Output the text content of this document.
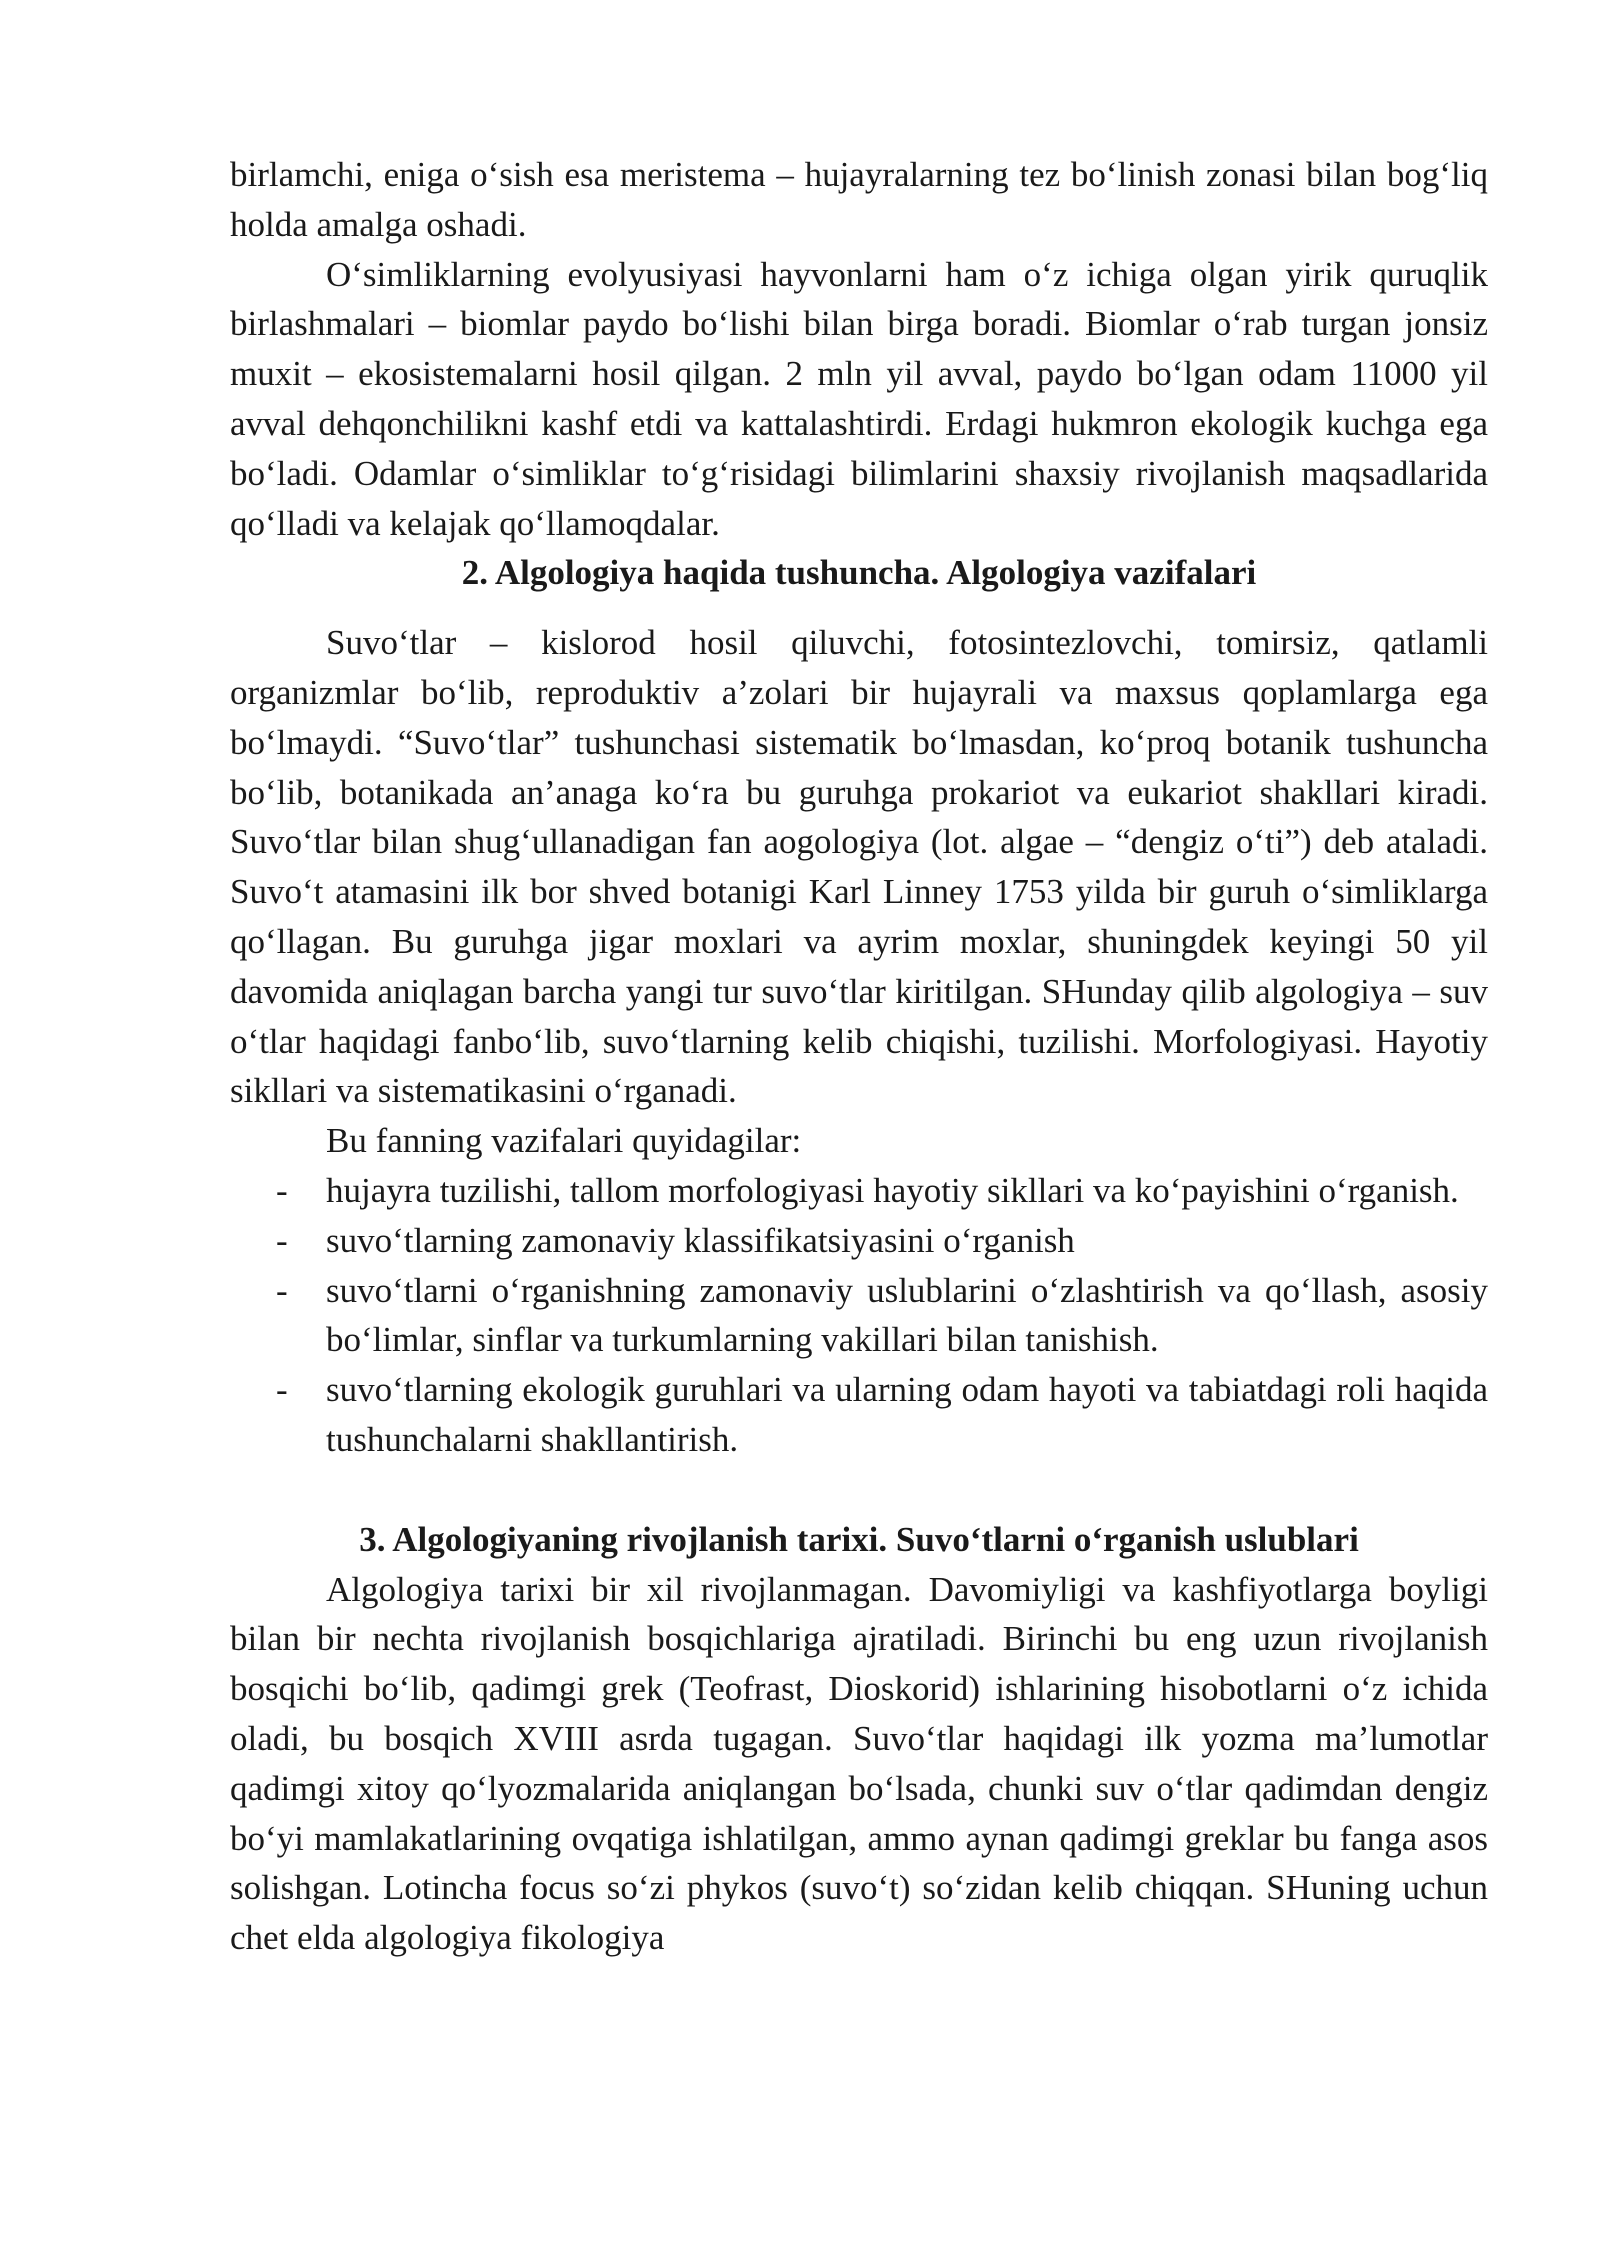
birlamchi, eniga o‘sish esa meristema – hujayralarning tez bo‘linish zonasi bilan bog‘liq holda amalga oshadi.

O‘simliklarning evolyusiyasi hayvonlarni ham o‘z ichiga olgan yirik quruqlik birlashmalari – biomlar paydo bo‘lishi bilan birga boradi. Biomlar o‘rab turgan jonsiz muxit – ekosistemalarni hosil qilgan. 2 mln yil avval, paydo bo‘lgan odam 11000 yil avval dehqonchilikni kashf etdi va kattalashtirdi. Erdagi hukmron ekologik kuchga ega bo‘ladi. Odamlar o‘simliklar to‘g‘risidagi bilimlarini shaxsiy rivojlanish maqsadlarida qo‘lladi va kelajak qo‘llamoqdalar.

2. Algologiya haqida tushuncha. Algologiya vazifalari

Suvo‘tlar – kislorod hosil qiluvchi, fotosintezlovchi, tomirsiz, qatlamli organizmlar bo‘lib, reproduktiv a’zolari bir hujayrali va maxsus qoplamlarga ega bo‘lmaydi. “Suvo‘tlar” tushunchasi sistematik bo‘lmasdan, ko‘proq botanik tushuncha bo‘lib, botanikada an’anaga ko‘ra bu guruhga prokariot va eukariot shakllari kiradi. Suvo‘tlar bilan shug‘ullanadigan fan aogologiya (lot. algae – “dengiz o‘ti”) deb ataladi. Suvo‘t atamasini ilk bor shved botanigi Karl Linney 1753 yilda bir guruh o‘simliklarga qo‘llagan. Bu guruhga jigar moxlari va ayrim moxlar, shuningdek keyingi 50 yil davomida aniqlagan barcha yangi tur suvo‘tlar kiritilgan. SHunday qilib algologiya – suv o‘tlar haqidagi fanbo‘lib, suvo‘tlarning kelib chiqishi, tuzilishi. Morfologiyasi. Hayotiy sikllari va sistematikasini o‘rganadi.

Bu fanning vazifalari quyidagilar:

- hujayra tuzilishi, tallom morfologiyasi hayotiy sikllari va ko‘payishini o‘rganish.
- suvo‘tlarning zamonaviy klassifikatsiyasini o‘rganish
- suvo‘tlarni o‘rganishning zamonaviy uslublarini o‘zlashtirish va qo‘llash, asosiy bo‘limlar, sinflar va turkumlarning vakillari bilan tanishish.
- suvo‘tlarning ekologik guruhlari va ularning odam hayoti va tabiatdagi roli haqida tushunchalarni shakllantirish.
3. Algologiyaning rivojlanish tarixi. Suvo‘tlarni o‘rganish uslublari

Algologiya tarixi bir xil rivojlanmagan. Davomiyligi va kashfiyotlarga boyligi bilan bir nechta rivojlanish bosqichlariga ajratiladi. Birinchi bu eng uzun rivojlanish bosqichi bo‘lib, qadimgi grek (Teofrast, Dioskorid) ishlarining hisobotlarni o‘z ichida oladi, bu bosqich XVIII asrda tugagan. Suvo‘tlar haqidagi ilk yozma ma’lumotlar qadimgi xitoy qo‘lyozmalarida aniqlangan bo‘lsada, chunki suv o‘tlar qadimdan dengiz bo‘yi mamlakatlarining ovqatiga ishlatilgan, ammo aynan qadimgi greklar bu fanga asos solishgan. Lotincha focus so‘zi phykos (suvo‘t) so‘zidan kelib chiqqan. SHuning uchun chet elda algologiya fikologiya
